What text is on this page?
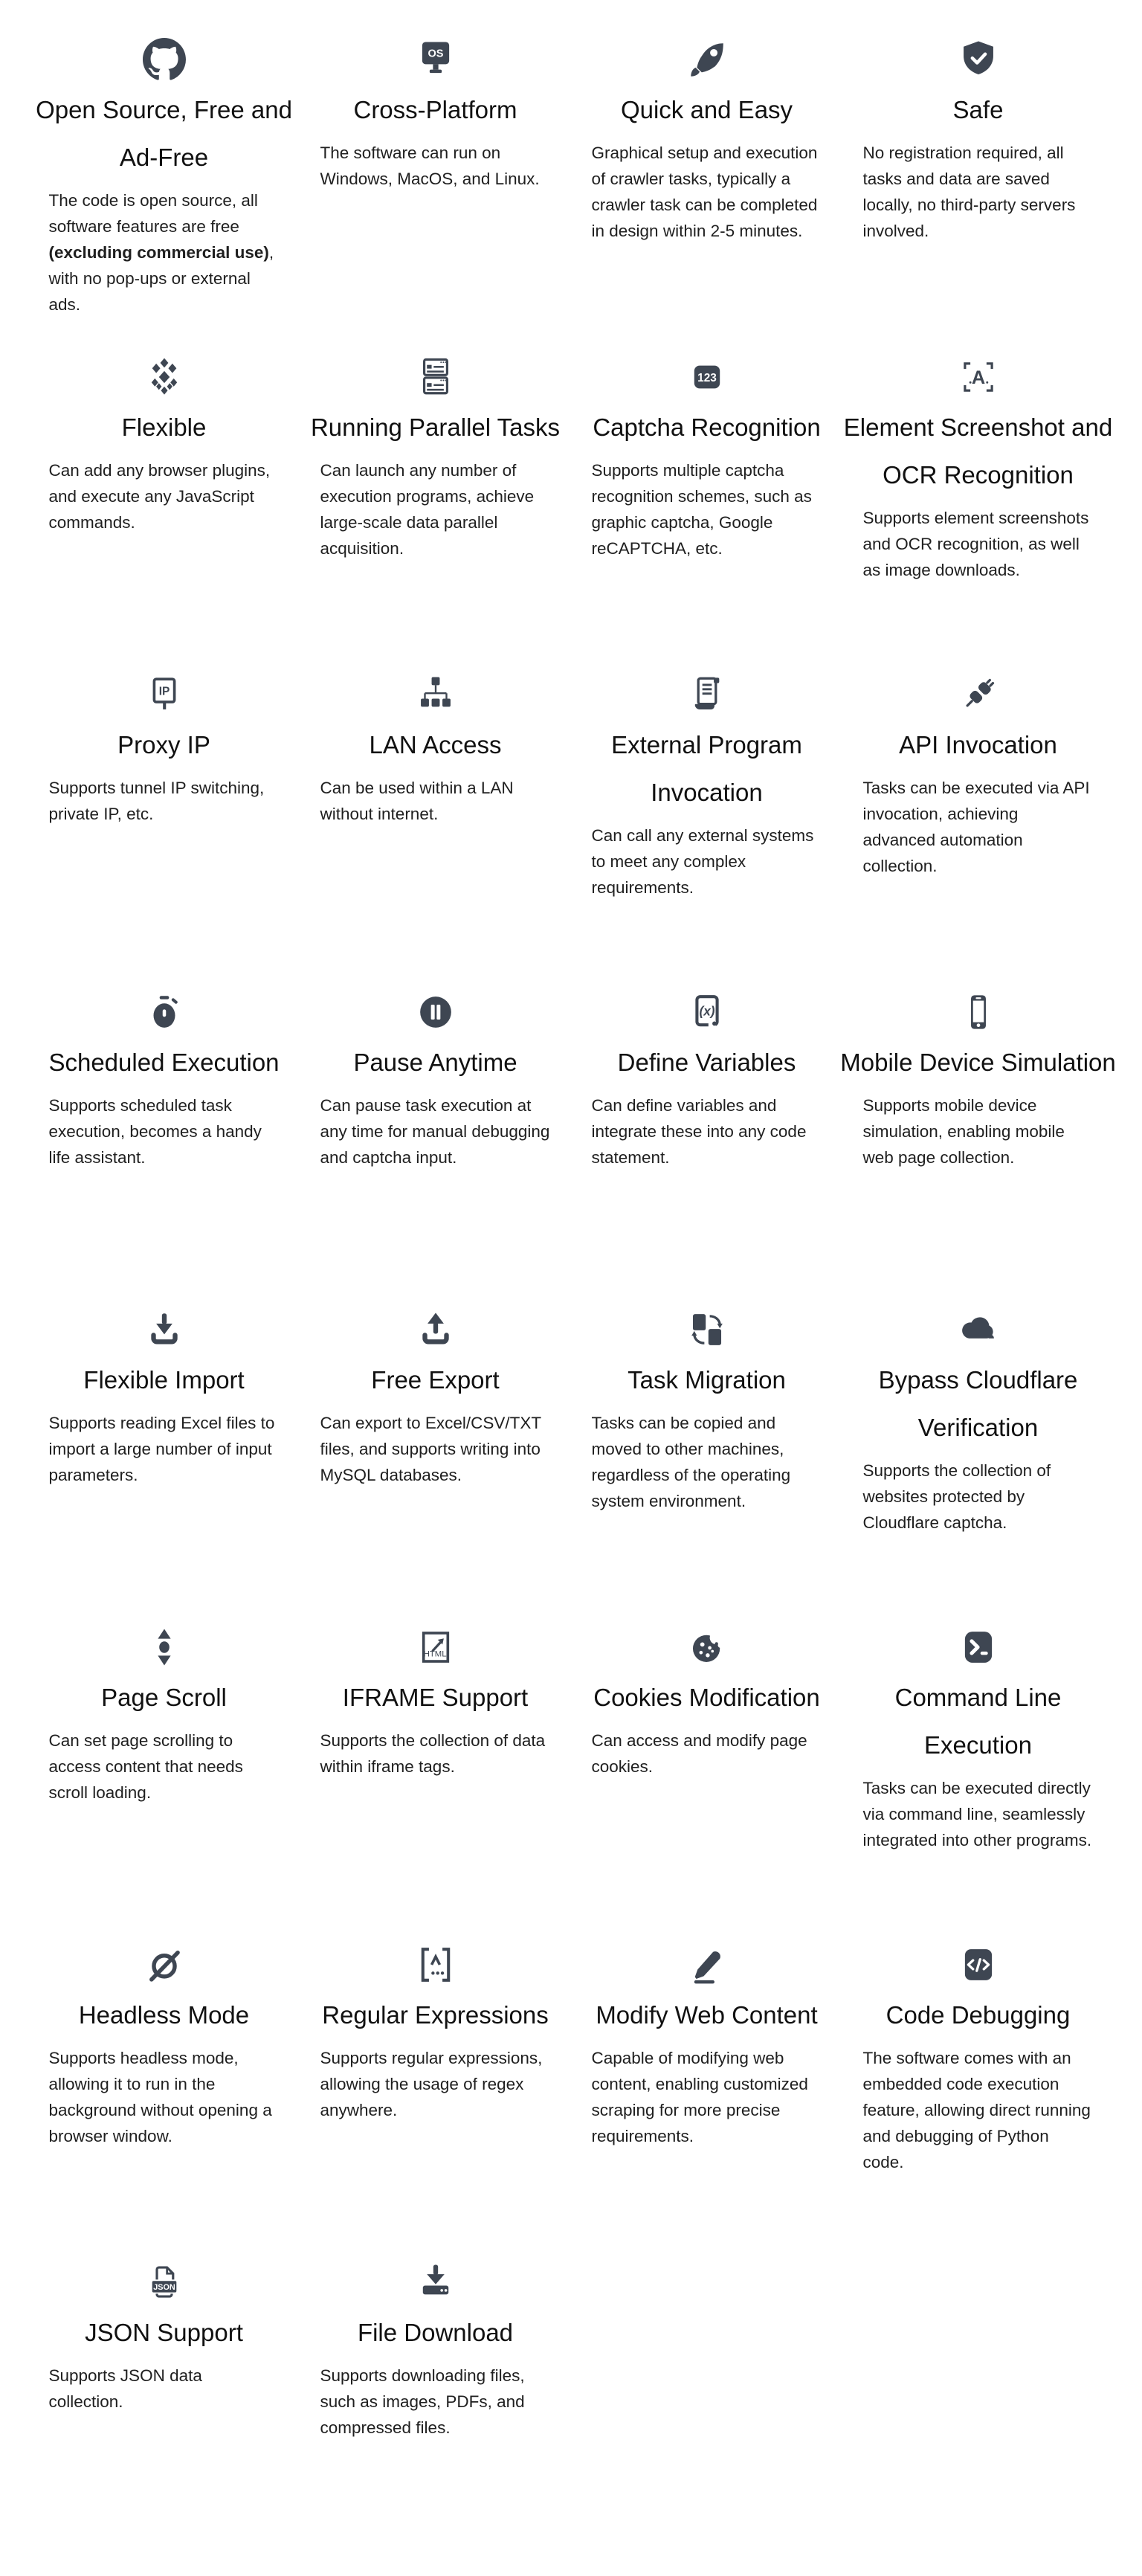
Open Source, Free and
Ad-Free
The code is open source, all software features are free (excluding commercial use), with no pop-ups or external ads.
Cross-Platform
The software can run on Windows, MacOS, and Linux.
Quick and Easy
Graphical setup and execution of crawler tasks, typically a crawler task can be completed in design within 2-5 minutes.
Safe
No registration required, all tasks and data are saved locally, no third-party servers involved.
Flexible
Can add any browser plugins, and execute any JavaScript commands.
Running Parallel Tasks
Can launch any number of execution programs, achieve large-scale data parallel acquisition.
Captcha Recognition
Supports multiple captcha recognition schemes, such as graphic captcha, Google reCAPTCHA, etc.
Element Screenshot and
OCR Recognition
Supports element screenshots and OCR recognition, as well as image downloads.
Proxy IP
Supports tunnel IP switching, private IP, etc.
LAN Access
Can be used within a LAN without internet.
External Program
Invocation
Can call any external systems to meet any complex requirements.
API Invocation
Tasks can be executed via API invocation, achieving advanced automation collection.
Scheduled Execution
Supports scheduled task execution, becomes a handy life assistant.
Pause Anytime
Can pause task execution at any time for manual debugging and captcha input.
Define Variables
Can define variables and integrate these into any code statement.
Mobile Device Simulation
Supports mobile device simulation, enabling mobile web page collection.
Flexible Import
Supports reading Excel files to import a large number of input parameters.
Free Export
Can export to Excel/CSV/TXT files, and supports writing into MySQL databases.
Task Migration
Tasks can be copied and moved to other machines, regardless of the operating system environment.
Bypass Cloudflare
Verification
Supports the collection of websites protected by Cloudflare captcha.
Page Scroll
Can set page scrolling to access content that needs scroll loading.
IFRAME Support
Supports the collection of data within iframe tags.
Cookies Modification
Can access and modify page cookies.
Command Line
Execution
Tasks can be executed directly via command line, seamlessly integrated into other programs.
Headless Mode
Supports headless mode, allowing it to run in the background without opening a browser window.
Regular Expressions
Supports regular expressions, allowing the usage of regex anywhere.
Modify Web Content
Capable of modifying web content, enabling customized scraping for more precise requirements.
Code Debugging
The software comes with an embedded code execution feature, allowing direct running and debugging of Python code.
JSON Support
Supports JSON data collection.
File Download
Supports downloading files, such as images, PDFs, and compressed files.
